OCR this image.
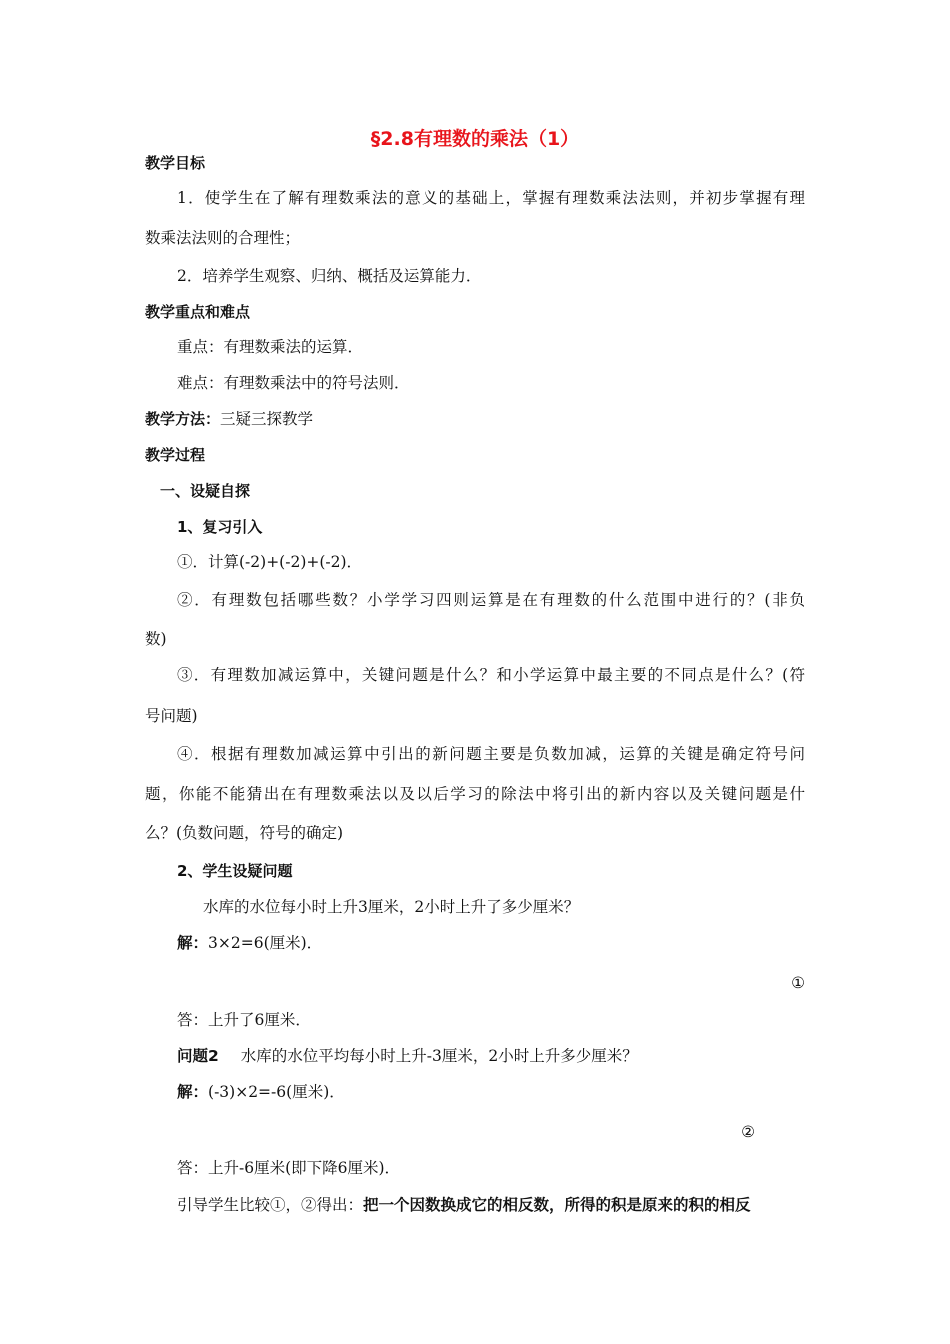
§2.8有理数的乘法（1）
教学目标
1．使学生在了解有理数乘法的意义的基础上，掌握有理数乘法法则，并初步掌握有理
数乘法法则的合理性；
2．培养学生观察、归纳、概括及运算能力．
教学重点和难点
重点：有理数乘法的运算．
难点：有理数乘法中的符号法则．
教学方法：三疑三探教学
教学过程
一、设疑自探
1、复习引入
①．计算(-2)+(-2)+(-2)．
②．有理数包括哪些数？小学学习四则运算是在有理数的什么范围中进行的？(非负
数)
③．有理数加减运算中，关键问题是什么？和小学运算中最主要的不同点是什么？(符
号问题)
④．根据有理数加减运算中引出的新问题主要是负数加减，运算的关键是确定符号问
题，你能不能猜出在有理数乘法以及以后学习的除法中将引出的新内容以及关键问题是什
么？(负数问题，符号的确定)
2、学生设疑问题
水库的水位每小时上升3厘米，2小时上升了多少厘米？
解：3×2=6(厘米)．
①
答：上升了6厘米．
问题2 水库的水位平均每小时上升-3厘米，2小时上升多少厘米？
解：(-3)×2=-6(厘米)．
②
答：上升-6厘米(即下降6厘米)．
引导学生比较①，②得出：把一个因数换成它的相反数，所得的积是原来的积的相反
